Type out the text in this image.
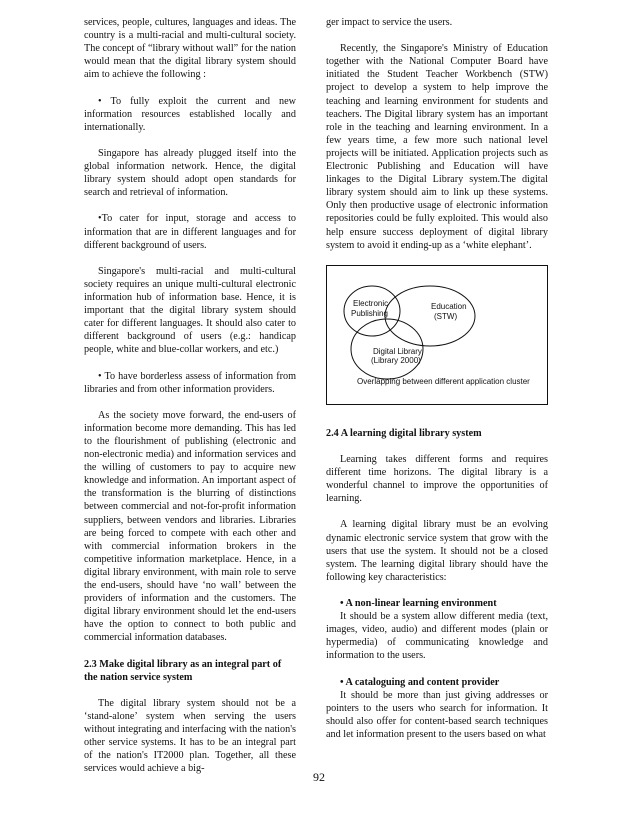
services, people, cultures, languages and ideas. The country is a multi-racial and multi-cultural society. The concept of “library without wall” for the nation would mean that the digital library system should aim to achieve the following :

• To fully exploit the current and new information resources established locally and internationally.

Singapore has already plugged itself into the global information network. Hence, the digital library system should adopt open standards for search and retrieval of information.

•To cater for input, storage and access to information that are in different languages and for different background of users.

Singapore's multi-racial and multi-cultural society requires an unique multi-cultural electronic information hub of information base. Hence, it is important that the digital library system should cater for different languages. It should also cater to different background of users (e.g.: handicap people, white and blue-collar workers, and etc.)

• To have borderless assess of information from libraries and from other information providers.

As the society move forward, the end-users of information become more demanding. This has led to the flourishment of publishing (electronic and non-electronic media) and information services and the willing of customers to pay to acquire new knowledge and information. An important aspect of the transformation is the blurring of distinctions between commercial and not-for-profit information suppliers, between vendors and libraries. Libraries are being forced to compete with each other and with commercial information brokers in the competitive information marketplace. Hence, in a digital library environment, with main role to serve the end-users, should have ‘no wall’ between the providers of information and the customers. The digital library environment should let the end-users have the option to connect to both public and commercial information databases.

2.3 Make digital library as an integral part of the nation service system

The digital library system should not be a ‘stand-alone’ system when serving the users without integrating and interfacing with the nation's other service systems. It has to be an integral part of the nation's IT2000 plan. Together, all these services would achieve a big-

ger impact to service the users.

Recently, the Singapore's Ministry of Education together with the National Computer Board have initiated the Student Teacher Workbench (STW) project to develop a system to help improve the teaching and learning environment for students and teachers. The Digital library system has an important role in the teaching and learning environment. In a few years time, a few more such national level projects will be initiated. Application projects such as Electronic Publishing and Education will have linkages to the Digital Library system.The digital library system should aim to link up these systems. Only then productive usage of electronic information repositories could be fully exploited. This would also help ensure success deployment of digital library system to avoid it ending-up as a ‘white elephant’.

Electronic
Publishing
Education
(STW)
Digital Library
(Library 2000)
Overlapping between different application cluster
2.4 A learning digital library system

Learning takes different forms and requires different time horizons. The digital library is a wonderful channel to improve the opportunities of learning.

A learning digital library must be an evolving dynamic electronic service system that grow with the users that use the system. It should not be a closed system. The learning digital library should have the following key characteristics:

• A non-linear learning environment

It should be a system allow different media (text, images, video, audio) and different modes (plain or hypermedia) of communicating knowledge and information to the users.

• A cataloguing and content provider

It should be more than just giving addresses or pointers to the users who search for information. It should also offer for content-based search techniques and let information present to the users based on what

92
